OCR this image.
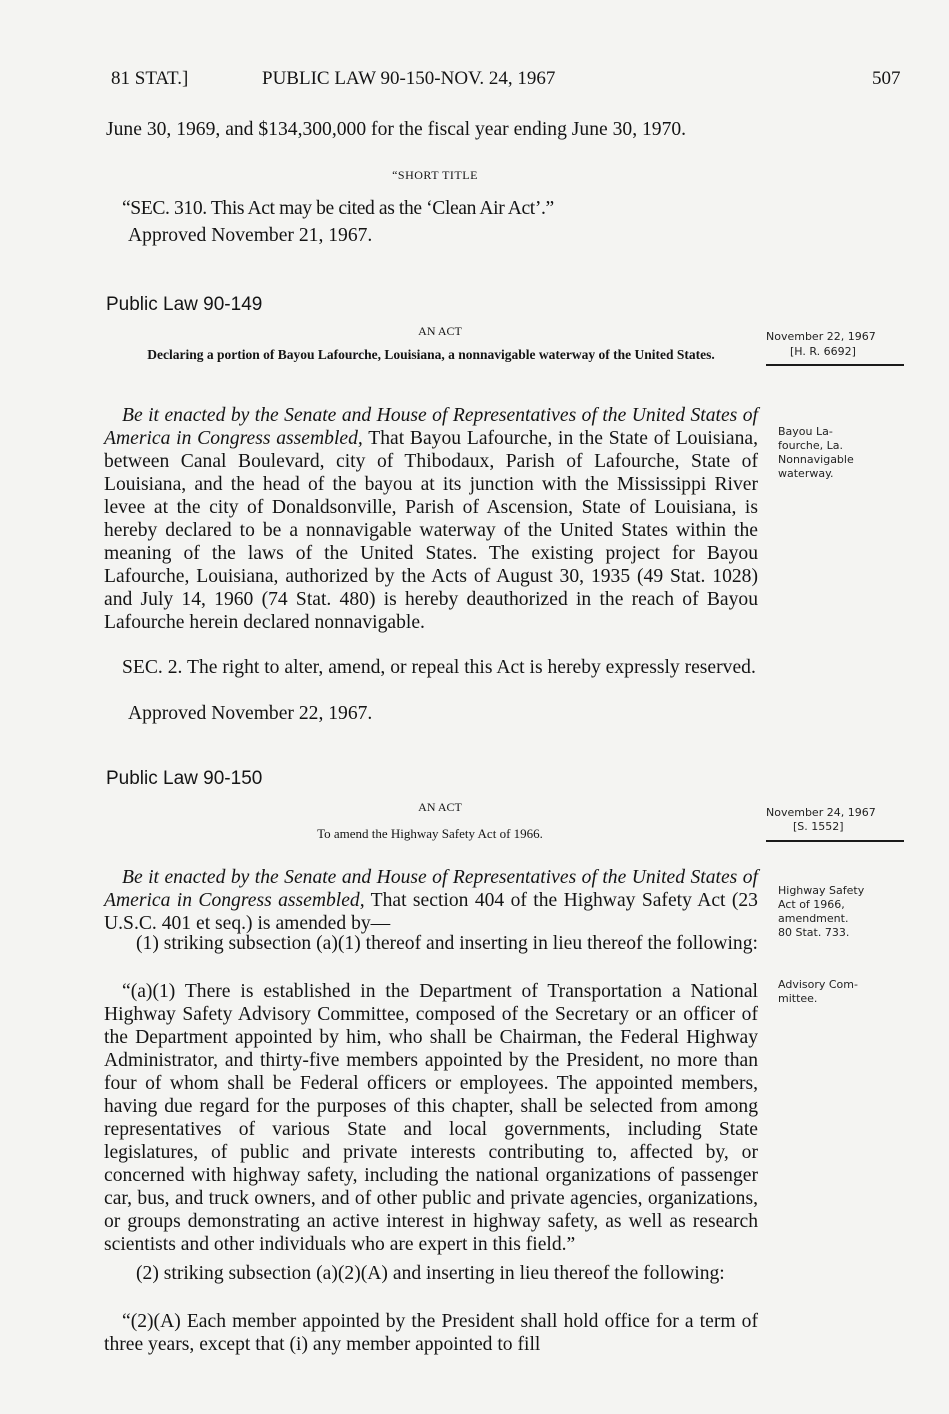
81 STAT.]	PUBLIC LAW 90-150-NOV. 24, 1967	507

June 30, 1969, and $134,300,000 for the fiscal year ending June 30, 1970.

“SHORT TITLE

“SEC. 310. This Act may be cited as the ‘Clean Air Act’.”

Approved November 21, 1967.

Public Law 90-149

AN ACT

Declaring a portion of Bayou Lafourche, Louisiana, a nonnavigable waterway of the United States.

November 22, 1967
[H. R. 6692]
Be it enacted by the Senate and House of Representatives of the United States of America in Congress assembled, That Bayou Lafourche, in the State of Louisiana, between Canal Boulevard, city of Thibodaux, Parish of Lafourche, State of Louisiana, and the head of the bayou at its junction with the Mississippi River levee at the city of Donaldsonville, Parish of Ascension, State of Louisiana, is hereby declared to be a nonnavigable waterway of the United States within the meaning of the laws of the United States. The existing project for Bayou Lafourche, Louisiana, authorized by the Acts of August 30, 1935 (49 Stat. 1028) and July 14, 1960 (74 Stat. 480) is hereby deauthorized in the reach of Bayou Lafourche herein declared nonnavigable.
Bayou La-
fourche, La.
Nonnavigable
waterway.

SEC. 2. The right to alter, amend, or repeal this Act is hereby expressly reserved.

Approved November 22, 1967.

Public Law 90-150

AN ACT

To amend the Highway Safety Act of 1966.

November 24, 1967
[S. 1552]
Be it enacted by the Senate and House of Representatives of the United States of America in Congress assembled, That section 404 of the Highway Safety Act (23 U.S.C. 401 et seq.) is amended by—

(1) striking subsection (a)(1) thereof and inserting in lieu thereof the following:

Highway Safety
Act of 1966,
amendment.
80 Stat. 733.

“(a)(1) There is established in the Department of Transportation a National Highway Safety Advisory Committee, composed of the Secretary or an officer of the Department appointed by him, who shall be Chairman, the Federal Highway Administrator, and thirty-five members appointed by the President, no more than four of whom shall be Federal officers or employees. The appointed members, having due regard for the purposes of this chapter, shall be selected from among representatives of various State and local governments, including State legislatures, of public and private interests contributing to, affected by, or concerned with highway safety, including the national organizations of passenger car, bus, and truck owners, and of other public and private agencies, organizations, or groups demonstrating an active interest in highway safety, as well as research scientists and other individuals who are expert in this field.”

Advisory Com-
mittee.

(2) striking subsection (a)(2)(A) and inserting in lieu thereof the following:

“(2)(A) Each member appointed by the President shall hold office for a term of three years, except that (i) any member appointed to fill
